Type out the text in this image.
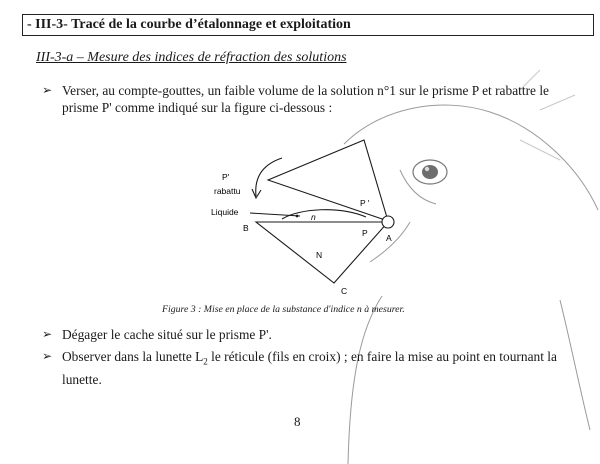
- III-3- Tracé de la courbe d’étalonnage et exploitation
III-3-a – Mesure des indices de réfraction des solutions
➢ Verser, au compte-gouttes, un faible volume de la solution n°1 sur le prisme P et rabattre le
prisme P' comme indiqué sur la figure ci-dessous :
P'
rabattu
Liquide	n
P '
B	P A
N
C
Figure 3 : Mise en place de la substance d'indice n à mesurer.
➢ Dégager le cache situé sur le prisme P'.
➢ Observer dans la lunette $L_2$ le réticule (fils en croix) ; en faire la mise au point en tournant la
lunette.
8
